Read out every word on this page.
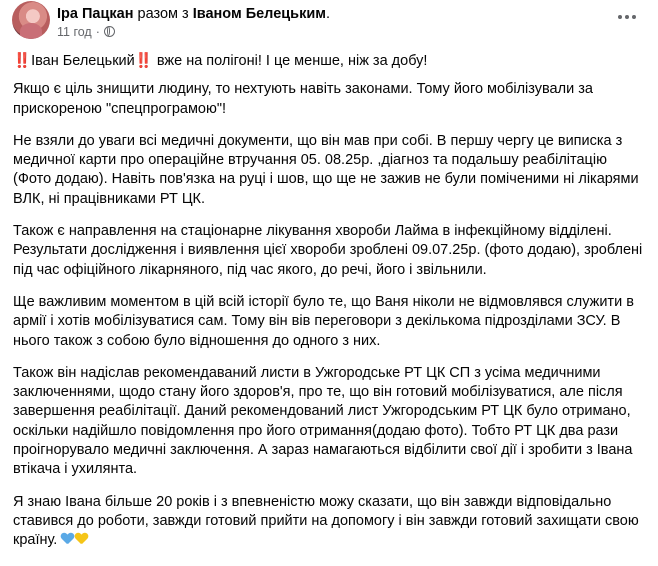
Іра Пацкан разом з Іваном Белецьким.
11 год ·

‼️ Іван Белецький‼️ вже на полігоні! І це менше, ніж за добу!

Якщо є ціль знищити людину, то нехтують навіть законами. Тому його мобілізували за прискореною "спецпрограмою"!

Не взяли до уваги всі медичні документи, що він мав при собі. В першу чергу це виписка з медичної карти про операційне втручання 05. 08.25р. ,діагноз та подальшу реабілітацію (Фото додаю). Навіть пов'язка на руці і шов, що ще не зажив не були поміченими ні лікарями ВЛК, ні працівниками РТ ЦК.

Також є направлення на стаціонарне лікування хвороби Лайма в інфекційному відділені. Результати дослідження і виявлення цієї хвороби зроблені 09.07.25р. (фото додаю), зроблені під час офіційного лікарняного, під час якого, до речі, його і звільнили.

Ще важливим моментом в цій всій історії було те, що Ваня ніколи не відмовлявся служити в армії і хотів мобілізуватися сам. Тому він вів переговори з декількома підрозділами ЗСУ. В нього також з собою було відношення до одного з них.

Також він надіслав рекомендаваний листи в Ужгородське РТ ЦК СП з усіма медичними заключеннями, щодо стану його здоров'я, про те, що він готовий мобілізуватися, але після завершення реабілітації. Даний рекомендований лист Ужгородським РТ ЦК було отримано, оскільки надійшло повідомлення про його отримання(додаю фото). Тобто РТ ЦК два рази проігнорувало медичні заключення. А зараз намагаються відбілити свої дії і зробити з Івана втікача і ухилянта.

Я знаю Івана більше 20 років і з впевненістю можу сказати, що він завжди відповідально ставився до роботи, завжди готовий прийти на допомогу і він завжди готовий захищати свою країну.
